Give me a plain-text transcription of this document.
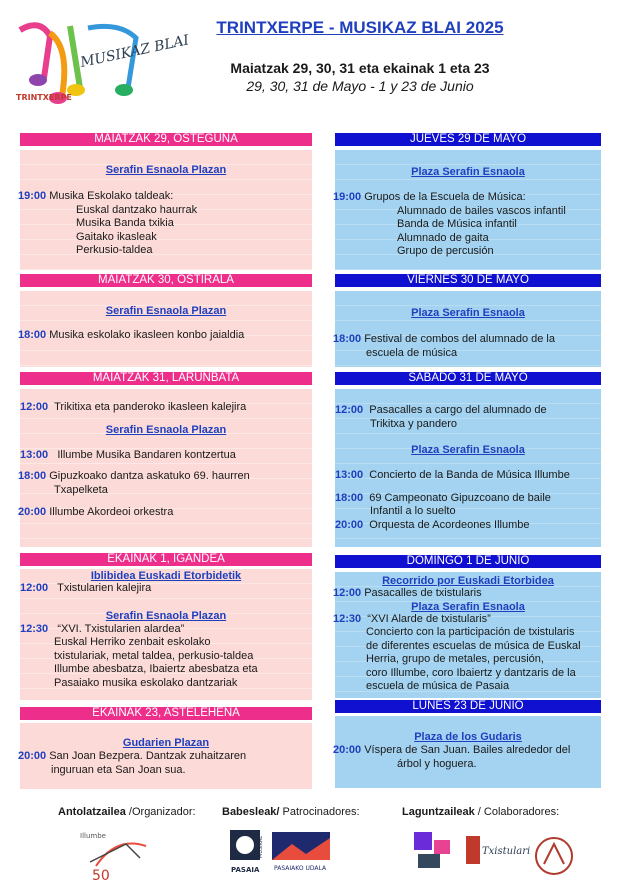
MUSIKAZ BLAI
TRINTXERPE
TRINTXERPE - MUSIKAZ BLAI 2025
Maiatzak 29, 30, 31 eta ekainak 1 eta 23
29, 30, 31 de Mayo - 1 y 23 de Junio
MAIATZAK 29, OSTEGUNA
Serafin Esnaola Plazan
19:00 Musika Eskolako taldeak:
Euskal dantzako haurrak
Musika Banda txikia
Gaitako ikasleak
Perkusio-taldea
MAIATZAK 30, OSTIRALA
Serafin Esnaola Plazan
18:00 Musika eskolako ikasleen konbo jaialdia
MAIATZAK 31, LARUNBATA
12:00 Trikitixa eta panderoko ikasleen kalejira
Serafin Esnaola Plazan
13:00 Illumbe Musika Bandaren kontzertua
18:00 Gipuzkoako dantza askatuko 69. haurren
Txapelketa
20:00 Illumbe Akordeoi orkestra
EKAINAK 1, IGANDEA
Iblibidea Euskadi Etorbidetik
12:00 Txistularien kalejira
Serafin Esnaola Plazan
12:30 “XVI. Txistularien alardea”
Euskal Herriko zenbait eskolako
txistulariak, metal taldea, perkusio-taldea
Illumbe abesbatza, Ibaiertz abesbatza eta
Pasaiako musika eskolako dantzariak
EKAINAK 23, ASTELEHENA
Gudarien Plazan
20:00 San Joan Bezpera. Dantzak zuhaitzaren
inguruan eta San Joan sua.
JUEVES 29 DE MAYO
Plaza Serafin Esnaola
19:00 Grupos de la Escuela de Música:
Alumnado de bailes vascos infantil
Banda de Música infantil
Alumnado de gaita
Grupo de percusión
VIERNES 30 DE MAYO
Plaza Serafin Esnaola
18:00 Festival de combos del alumnado de la
escuela de música
SABADO 31 DE MAYO
12:00 Pasacalles a cargo del alumnado de
Trikitxa y pandero
Plaza Serafin Esnaola
13:00 Concierto de la Banda de Música Illumbe
18:00 69 Campeonato Gipuzcoano de baile
Infantil a lo suelto
20:00 Orquesta de Acordeones Illumbe
DOMINGO 1 DE JUNIO
Recorrido por Euskadi Etorbidea
12:00 Pasacalles de txistularis
Plaza Serafin Esnaola
12:30 “XVI Alarde de txistularis”
Concierto con la participación de txistularis
de diferentes escuelas de música de Euskal
Herria, grupo de metales, percusión,
coro Illumbe, coro Ibaiertz y dantzaris de la
escuela de música de Pasaia
LUNES 23 DE JUNIO
Plaza de los Gudaris
20:00 Víspera de San Juan. Bailes alrededor del
árbol y hoguera.
Antolatzailea /Organizador: Babesleak/ Patrocinadores:	Laguntzaileak / Colaboradores:
Illumbe
50	PASAIA
MUSIKAL
PASAIAKO UDALA
Txistulari
